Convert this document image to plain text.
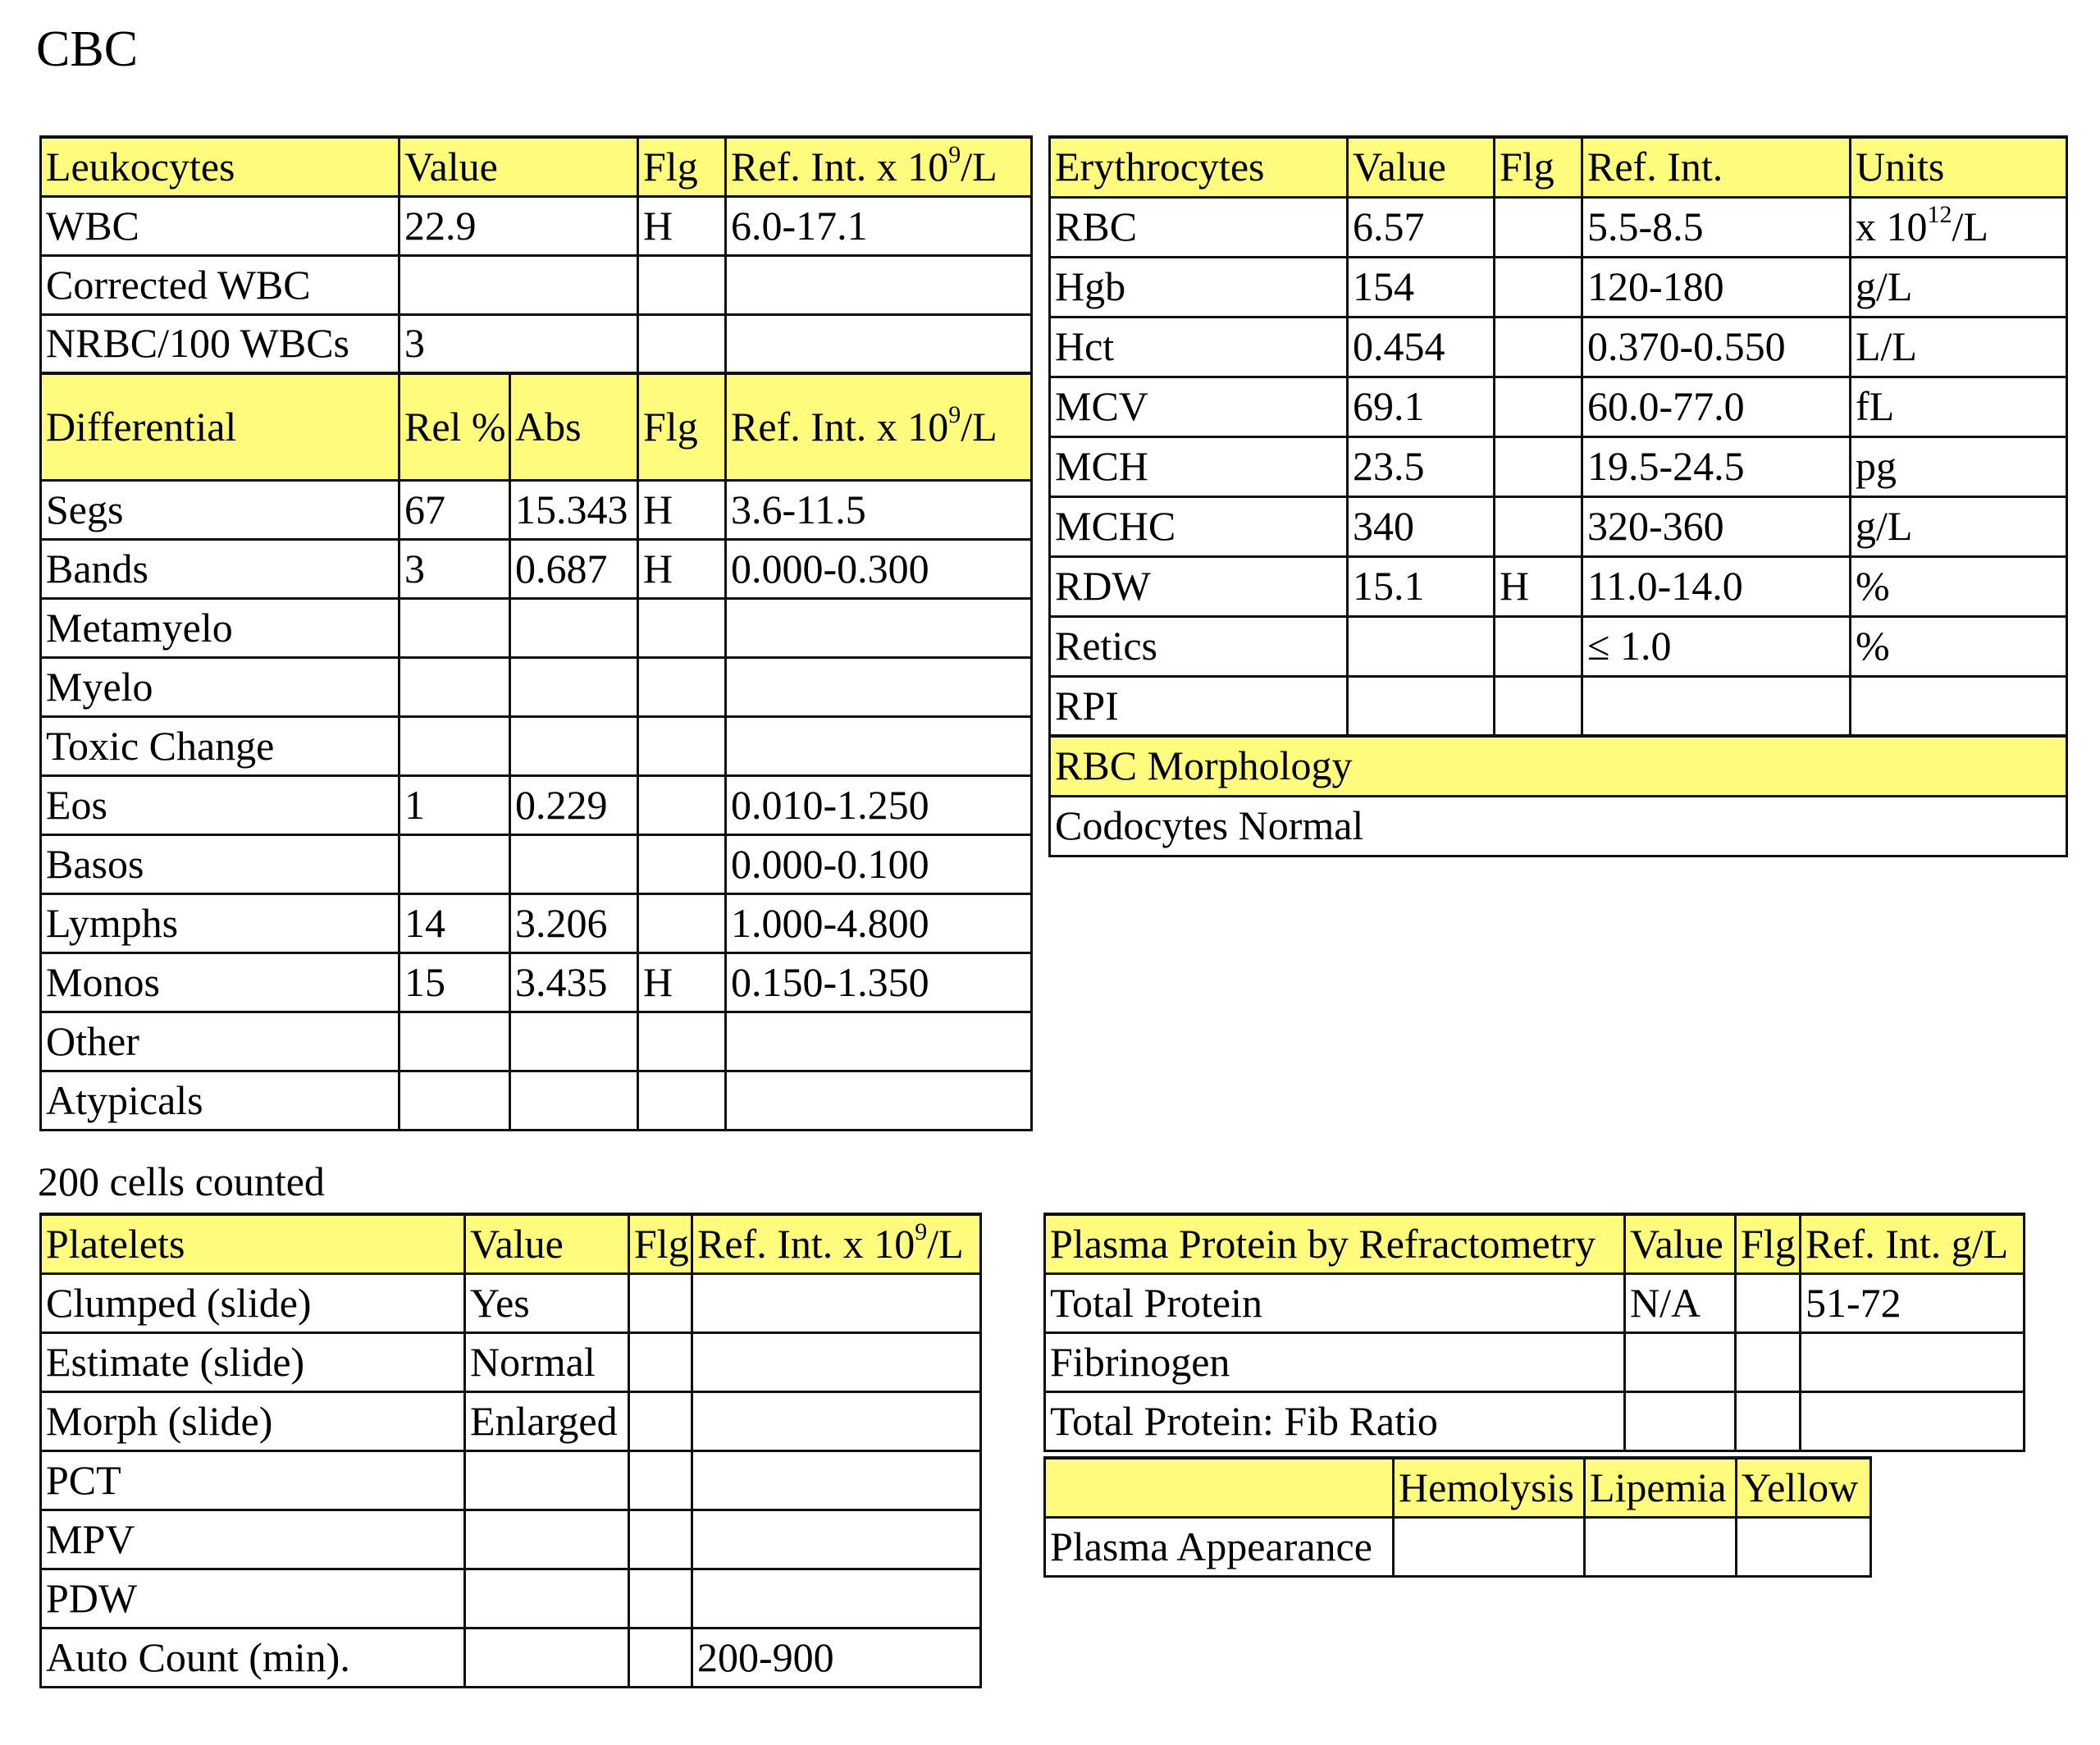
CBC
Leukocytes	Value		Flg	Ref. Int. x $10^9/L$
WBC	22.9		H	6.0-17.1
Corrected WBC				
NRBC/100 WBCs	3			
Differential	Rel %	Abs	Flg	Ref. Int. x $10^9/L$
Segs	67	15.343	H	3.6-11.5
Bands	3	0.687	H	0.000-0.300
Metamyelo				
Myelo				
Toxic Change				
Eos	1	0.229		0.010-1.250
Basos				0.000-0.100
Lymphs	14	3.206		1.000-4.800
Monos	15	3.435	H	0.150-1.350
Other				
Atypicals				
Erythrocytes	Value	Flg	Ref. Int.	Units
RBC	6.57		5.5-8.5	x $10^{12}/L$
Hgb	154		120-180	g/L
Hct	0.454		0.370-0.550	L/L
MCV	69.1		60.0-77.0	fL
MCH	23.5		19.5-24.5	pg
MCHC	340		320-360	g/L
RDW	15.1	H	11.0-14.0	%
Retics			≤ 1.0	%
RPI				
RBC Morphology				
Codocytes Normal				
200 cells counted
Platelets	Value	Flg	Ref. Int. x $10^9/L$
Clumped (slide)	Yes		
Estimate (slide)	Normal		
Morph (slide)	Enlarged		
PCT			
MPV			
PDW			
Auto Count (min).			200-900
Plasma Protein by Refractometry	Value	Flg	Ref. Int. g/L
Total Protein	N/A		51-72
Fibrinogen			
Total Protein: Fib Ratio			
	Hemolysis	Lipemia	Yellow
Plasma Appearance			
